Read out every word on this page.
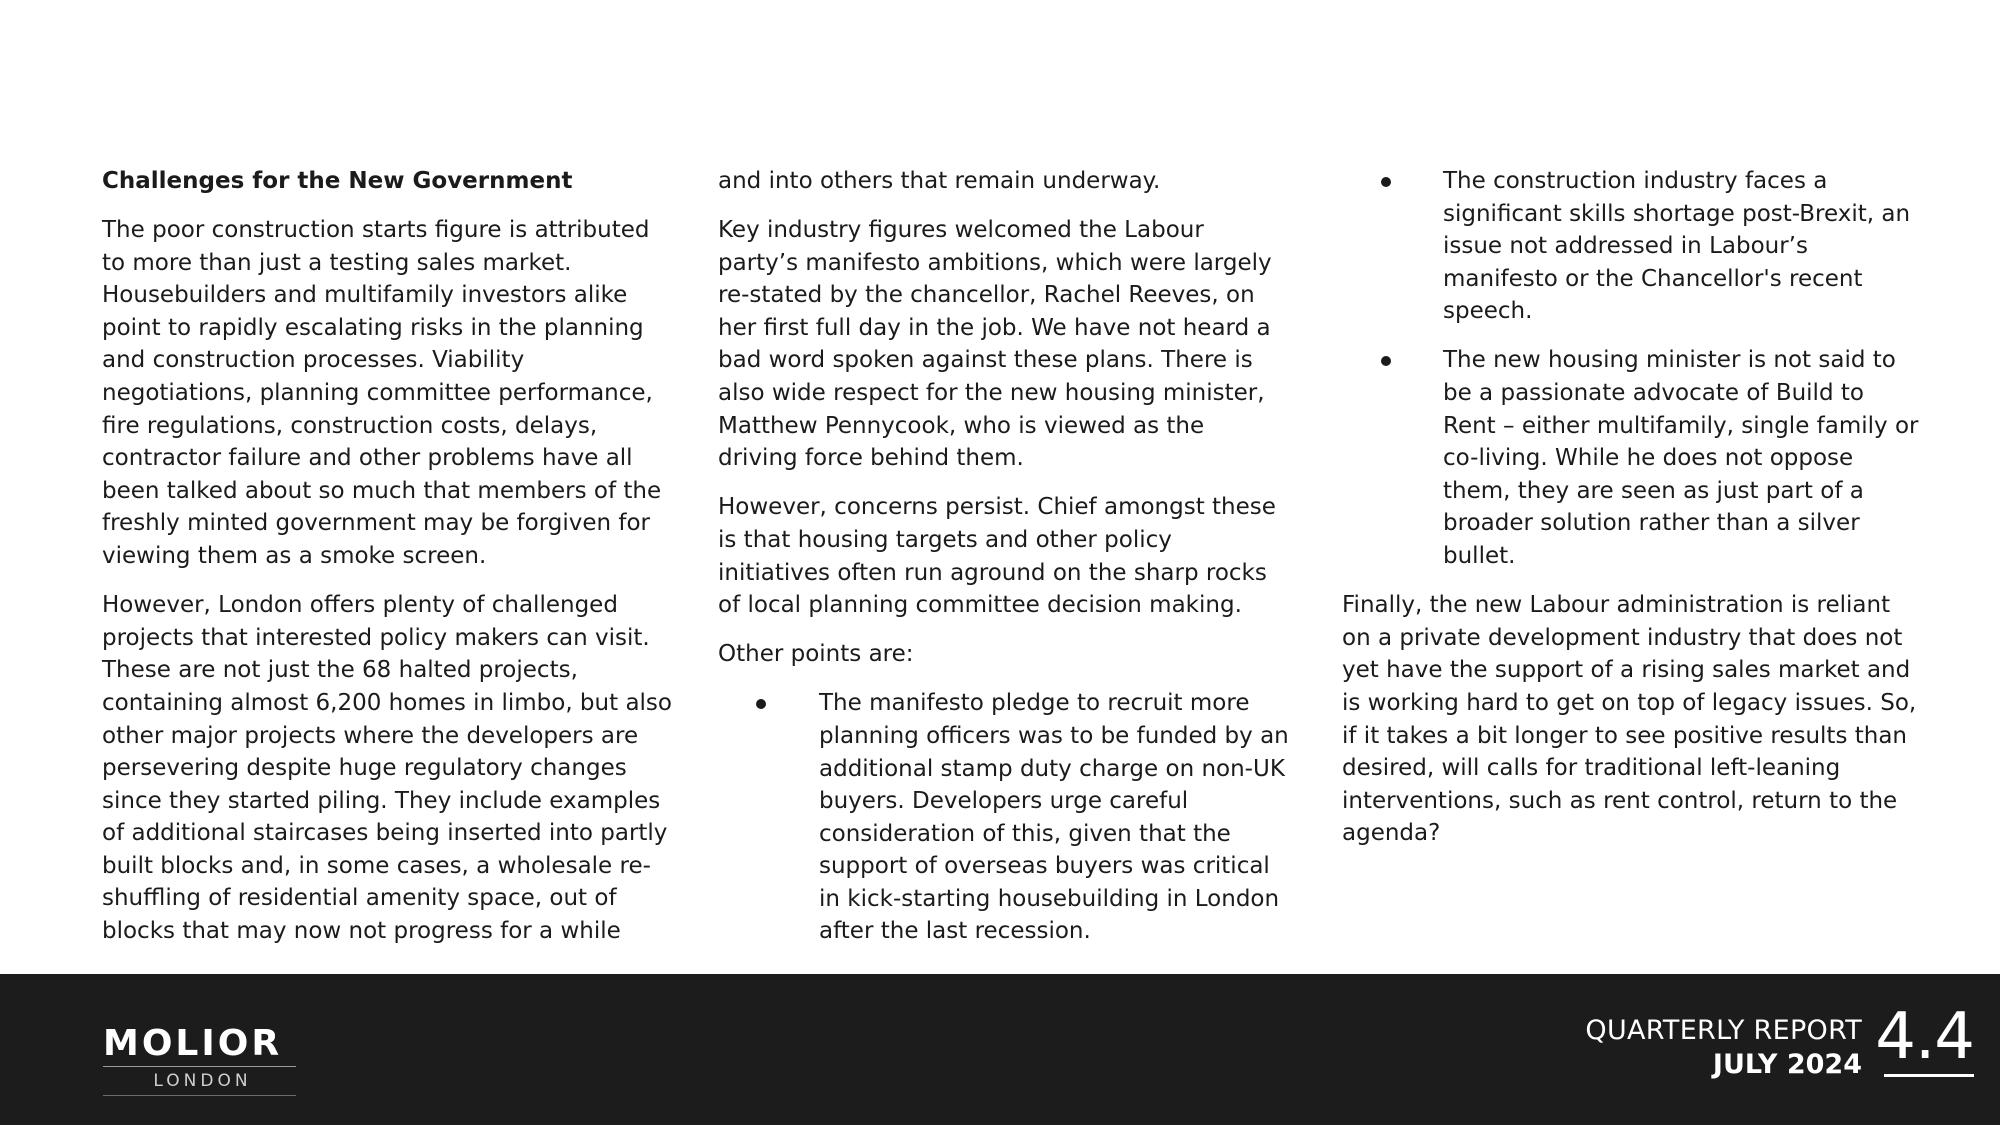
Challenges for the New Government

The poor construction starts figure is attributed to more than just a testing sales market. Housebuilders and multifamily investors alike point to rapidly escalating risks in the planning and construction processes. Viability negotiations, planning committee performance, fire regulations, construction costs, delays, contractor failure and other problems have all been talked about so much that members of the freshly minted government may be forgiven for viewing them as a smoke screen.

However, London offers plenty of challenged projects that interested policy makers can visit. These are not just the 68 halted projects, containing almost 6,200 homes in limbo, but also other major projects where the developers are persevering despite huge regulatory changes since they started piling. They include examples of additional staircases being inserted into partly built blocks and, in some cases, a wholesale re-shuffling of residential amenity space, out of blocks that may now not progress for a while

and into others that remain underway.

Key industry figures welcomed the Labour party’s manifesto ambitions, which were largely re-stated by the chancellor, Rachel Reeves, on her first full day in the job. We have not heard a bad word spoken against these plans. There is also wide respect for the new housing minister, Matthew Pennycook, who is viewed as the driving force behind them.

However, concerns persist. Chief amongst these is that housing targets and other policy initiatives often run aground on the sharp rocks of local planning committee decision making.

Other points are:

The manifesto pledge to recruit more planning officers was to be funded by an additional stamp duty charge on non-UK buyers. Developers urge careful consideration of this, given that the support of overseas buyers was critical in kick-starting housebuilding in London after the last recession.
The construction industry faces a significant skills shortage post-Brexit, an issue not addressed in Labour’s manifesto or the Chancellor's recent speech.
The new housing minister is not said to be a passionate advocate of Build to Rent – either multifamily, single family or co-living. While he does not oppose them, they are seen as just part of a broader solution rather than a silver bullet.

Finally, the new Labour administration is reliant on a private development industry that does not yet have the support of a rising sales market and is working hard to get on top of legacy issues. So, if it takes a bit longer to see positive results than desired, will calls for traditional left-leaning interventions, such as rent control, return to the agenda?

MOLIOR
LONDON
QUARTERLY REPORT
JULY 2024 4.4
